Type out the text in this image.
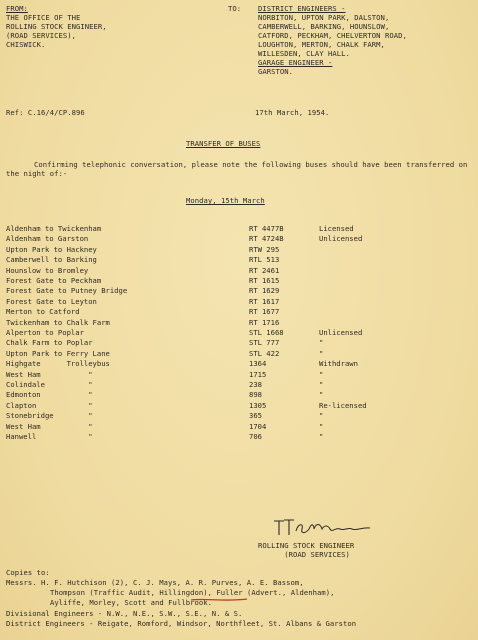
FROM:
THE OFFICE OF THE
ROLLING STOCK ENGINEER,
(ROAD SERVICES),
CHISWICK.
TO: DISTRICT ENGINEERS -
NORBITON, UPTON PARK, DALSTON,
CAMBERWELL, BARKING, HOUNSLOW,
CATFORD, PECKHAM, CHELVERTON ROAD,
LOUGHTON, MERTON, CHALK FARM,
WILLESDEN, CLAY HALL.
GARAGE ENGINEER -
GARSTON.
Ref: C.16/4/CP.896	17th March, 1954.
TRANSFER OF BUSES
Confirming telephonic conversation, please note the following buses should have been transferred on the night of:-
Monday, 15th March
Aldenham to Twickenham	RT 4477B	Licensed
Aldenham to Garston	RT 4724B	Unlicensed
Upton Park to Hackney	RTW 295
Camberwell to Barking	RTL 513
Hounslow to Bromley	RT 2461
Forest Gate to Peckham	RT 1615
Forest Gate to Putney Bridge	RT 1629
Forest Gate to Leyton	RT 1617
Merton to Catford	RT 1677
Twickenham to Chalk Farm	RT 1716
Alperton to Poplar	STL 1668	Unlicensed
Chalk Farm to Poplar	STL 777	"
Upton Park to Ferry Lane	STL 422	"
Highgate      Trolleybus	1364	Withdrawn
West Ham           "	1715	"
Colindale          "	238	"
Edmonton           "	898	"
Clapton            "	1305	Re-licensed
Stonebridge        "	365	"
West Ham           "	1704	"
Hanwell            "	706	"
ROLLING STOCK ENGINEER
(ROAD SERVICES)
Copies to:
Messrs. H. F. Hutchison (2), C. J. Mays, A. R. Purves, A. E. Bassom,
Thompson (Traffic Audit, Hillingdon), Fuller (Advert., Aldenham),
Ayliffe, Morley, Scott and Fullbrook.
Divisional Engineers - N.W., N.E., S.W., S.E., N. & S.
District Engineers - Reigate, Romford, Windsor, Northfleet, St. Albans & Garston
